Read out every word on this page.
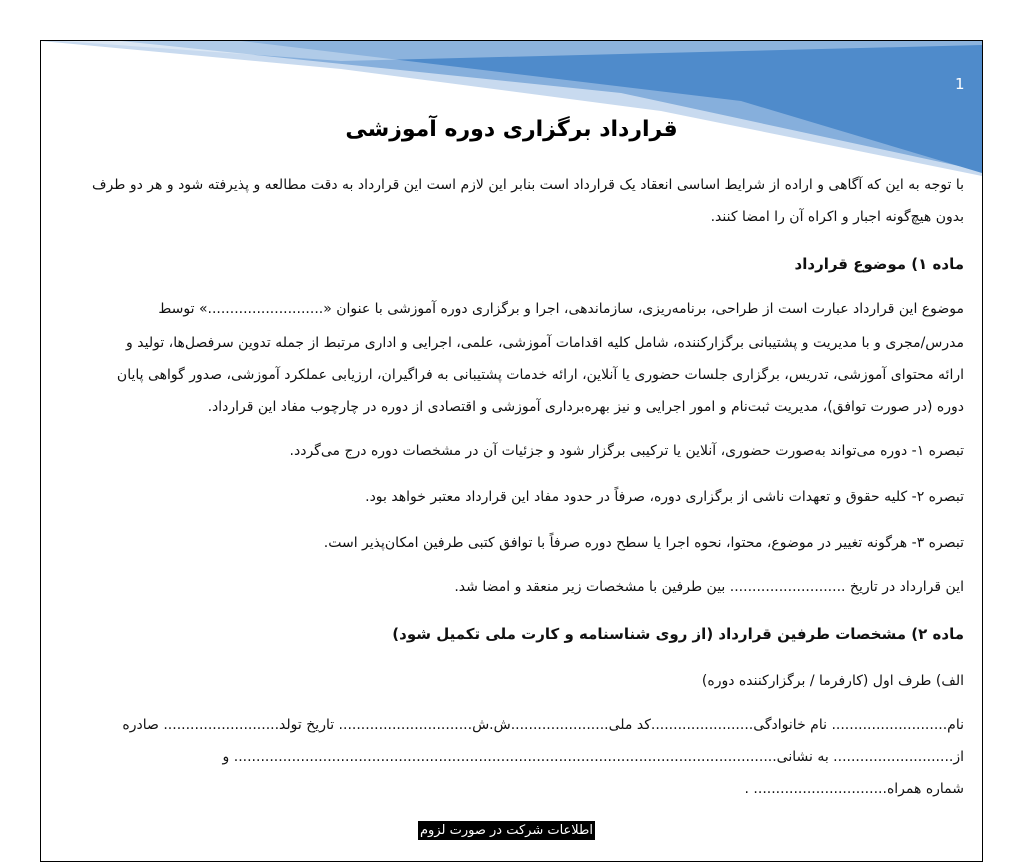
1
قرارداد برگزاری دوره آموزشی
با توجه به این که آگاهی و اراده از شرایط اساسی انعقاد یک قرارداد است بنابر این لازم است این قرارداد به دقت مطالعه و پذیرفته شود و هر دو طرف
بدون هیچ‌گونه اجبار و اکراه آن را امضا کنند.
ماده ۱) موضوع قرارداد
موضوع این قرارداد عبارت است از طراحی، برنامه‌ریزی، سازماندهی، اجرا و برگزاری دوره آموزشی با عنوان «..........................» توسط
مدرس/مجری و با مدیریت و پشتیبانی برگزارکننده، شامل کلیه اقدامات آموزشی، علمی، اجرایی و اداری مرتبط از جمله تدوین سرفصل‌ها، تولید و
ارائه محتوای آموزشی، تدریس، برگزاری جلسات حضوری یا آنلاین، ارائه خدمات پشتیبانی به فراگیران، ارزیابی عملکرد آموزشی، صدور گواهی پایان
دوره (در صورت توافق)، مدیریت ثبت‌نام و امور اجرایی و نیز بهره‌برداری آموزشی و اقتصادی از دوره در چارچوب مفاد این قرارداد.
تبصره ۱- دوره می‌تواند به‌صورت حضوری، آنلاین یا ترکیبی برگزار شود و جزئیات آن در مشخصات دوره درج می‌گردد.
تبصره ۲- کلیه حقوق و تعهدات ناشی از برگزاری دوره، صرفاً در حدود مفاد این قرارداد معتبر خواهد بود.
تبصره ۳- هرگونه تغییر در موضوع، محتوا، نحوه اجرا یا سطح دوره صرفاً با توافق کتبی طرفین امکان‌پذیر است.
این قرارداد در تاریخ .......................... بین طرفین با مشخصات زیر منعقد و امضا شد.
ماده ۲) مشخصات طرفین قرارداد (از روی شناسنامه و کارت ملی تکمیل شود)
الف) طرف اول (کارفرما / برگزارکننده دوره)
نام.......................... نام خانوادگی.......................کد ملی......................ش.ش.............................. تاریخ تولد.......................... صادره
از........................... به نشانی.......................................................................................................................... و
شماره همراه.............................. .
اطلاعات شرکت در صورت لزوم
